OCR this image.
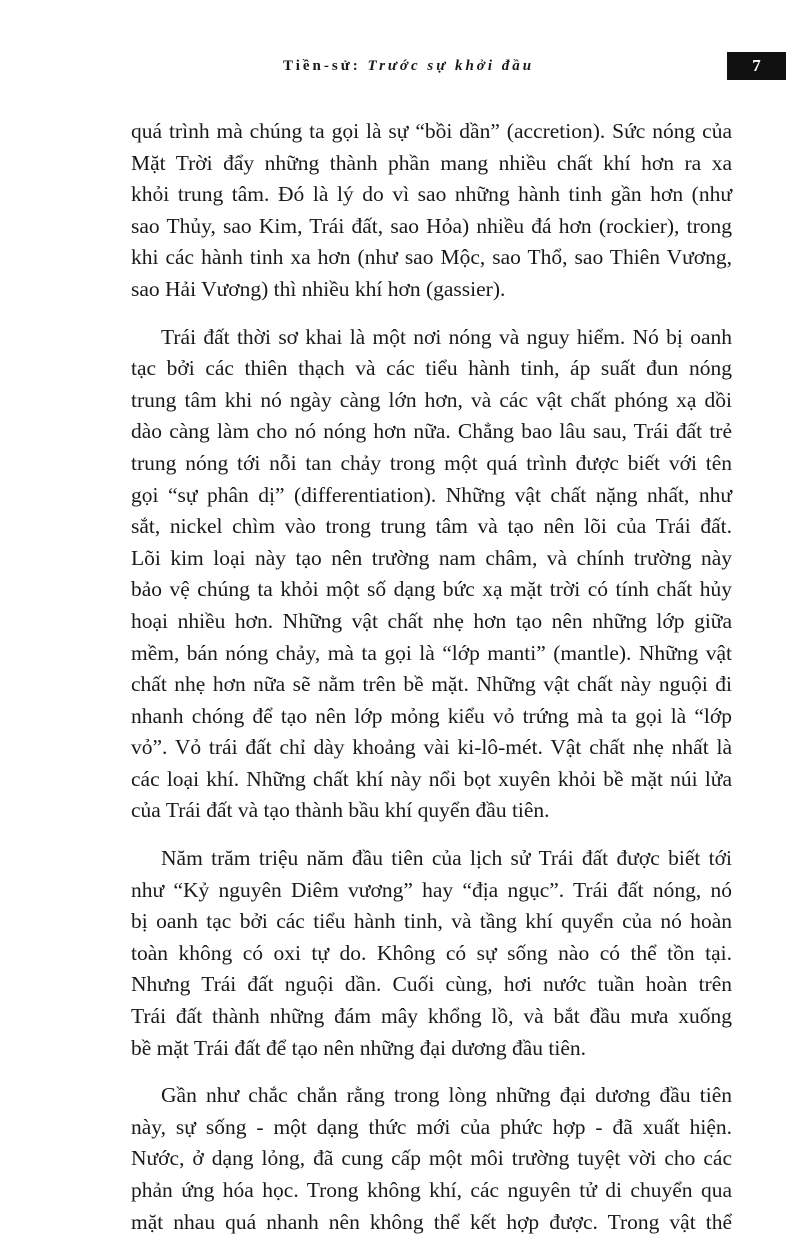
Tiền-sử: Trước sự khởi đầu	7
quá trình mà chúng ta gọi là sự “bồi dần” (accretion). Sức nóng của
Mặt Trời đẩy những thành phần mang nhiều chất khí hơn ra xa
khỏi trung tâm. Đó là lý do vì sao những hành tinh gần hơn (như
sao Thủy, sao Kim, Trái đất, sao Hỏa) nhiều đá hơn (rockier), trong
khi các hành tinh xa hơn (như sao Mộc, sao Thổ, sao Thiên Vương,
sao Hải Vương) thì nhiều khí hơn (gassier).
Trái đất thời sơ khai là một nơi nóng và nguy hiểm. Nó bị oanh
tạc bởi các thiên thạch và các tiểu hành tinh, áp suất đun nóng
trung tâm khi nó ngày càng lớn hơn, và các vật chất phóng xạ dồi
dào càng làm cho nó nóng hơn nữa. Chẳng bao lâu sau, Trái đất trẻ
trung nóng tới nỗi tan chảy trong một quá trình được biết với tên
gọi “sự phân dị” (differentiation). Những vật chất nặng nhất, như
sắt, nickel chìm vào trong trung tâm và tạo nên lõi của Trái đất.
Lõi kim loại này tạo nên trường nam châm, và chính trường này
bảo vệ chúng ta khỏi một số dạng bức xạ mặt trời có tính chất hủy
hoại nhiều hơn. Những vật chất nhẹ hơn tạo nên những lớp giữa
mềm, bán nóng chảy, mà ta gọi là “lớp manti” (mantle). Những vật
chất nhẹ hơn nữa sẽ nằm trên bề mặt. Những vật chất này nguội đi
nhanh chóng để tạo nên lớp mỏng kiểu vỏ trứng mà ta gọi là “lớp
vỏ”. Vỏ trái đất chỉ dày khoảng vài ki-lô-mét. Vật chất nhẹ nhất là
các loại khí. Những chất khí này nổi bọt xuyên khỏi bề mặt núi lửa
của Trái đất và tạo thành bầu khí quyển đầu tiên.
Năm trăm triệu năm đầu tiên của lịch sử Trái đất được biết tới
như “Kỷ nguyên Diêm vương” hay “địa ngục”. Trái đất nóng, nó
bị oanh tạc bởi các tiểu hành tinh, và tầng khí quyển của nó hoàn
toàn không có oxi tự do. Không có sự sống nào có thể tồn tại.
Nhưng Trái đất nguội dần. Cuối cùng, hơi nước tuần hoàn trên
Trái đất thành những đám mây khổng lồ, và bắt đầu mưa xuống
bề mặt Trái đất để tạo nên những đại dương đầu tiên.
Gần như chắc chắn rằng trong lòng những đại dương đầu tiên
này, sự sống - một dạng thức mới của phức hợp - đã xuất hiện.
Nước, ở dạng lỏng, đã cung cấp một môi trường tuyệt vời cho các
phản ứng hóa học. Trong không khí, các nguyên tử di chuyển qua
mặt nhau quá nhanh nên không thể kết hợp được. Trong vật thể
